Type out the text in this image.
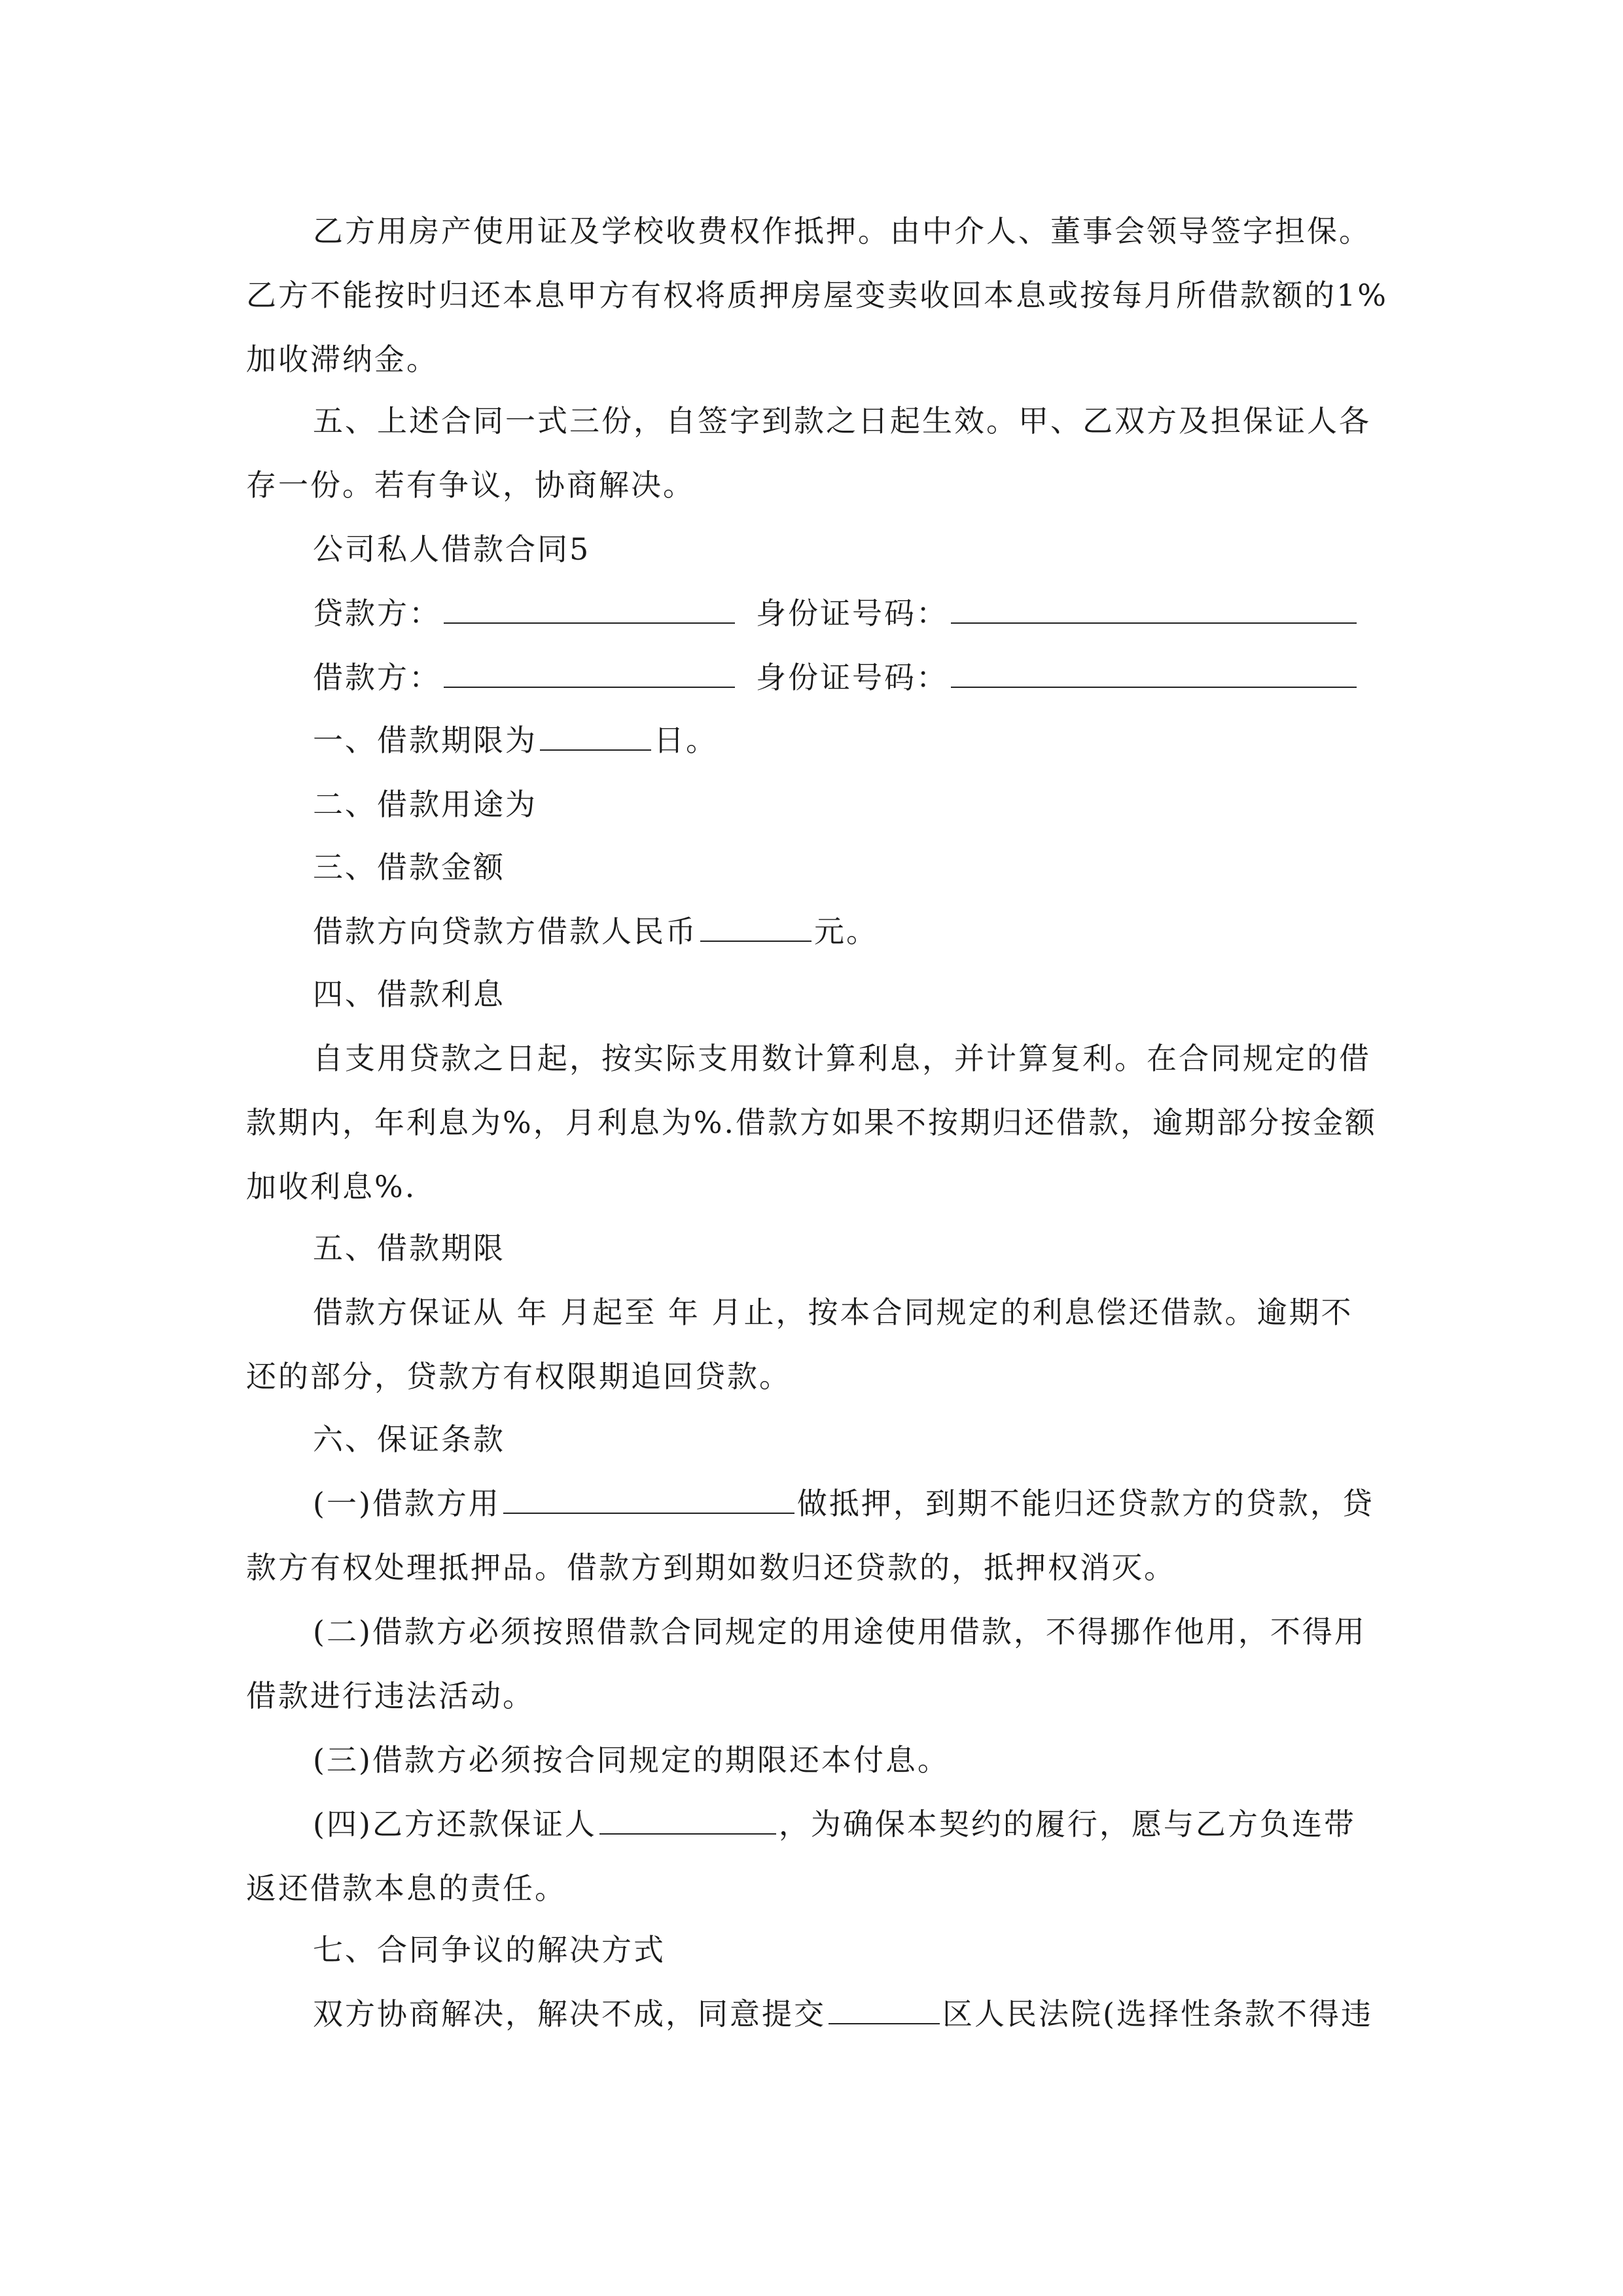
乙方用房产使用证及学校收费权作抵押。由中介人、董事会领导签字担保。
乙方不能按时归还本息甲方有权将质押房屋变卖收回本息或按每月所借款额的1%
加收滞纳金。
五、上述合同一式三份，自签字到款之日起生效。甲、乙双方及担保证人各
存一份。若有争议，协商解决。
公司私人借款合同5
贷款方：	身份证号码：
借款方：	身份证号码：
一、借款期限为	日。
二、借款用途为
三、借款金额
借款方向贷款方借款人民币	元。
四、借款利息
自支用贷款之日起，按实际支用数计算利息，并计算复利。在合同规定的借
款期内，年利息为%，月利息为%.借款方如果不按期归还借款，逾期部分按金额
加收利息%.
五、借款期限
借款方保证从 年 月起至 年 月止，按本合同规定的利息偿还借款。逾期不
还的部分，贷款方有权限期追回贷款。
六、保证条款
(一)借款方用	做抵押，到期不能归还贷款方的贷款，贷
款方有权处理抵押品。借款方到期如数归还贷款的，抵押权消灭。
(二)借款方必须按照借款合同规定的用途使用借款，不得挪作他用，不得用
借款进行违法活动。
(三)借款方必须按合同规定的期限还本付息。
(四)乙方还款保证人	，为确保本契约的履行，愿与乙方负连带
返还借款本息的责任。
七、合同争议的解决方式
双方协商解决，解决不成，同意提交	区人民法院(选择性条款不得违
